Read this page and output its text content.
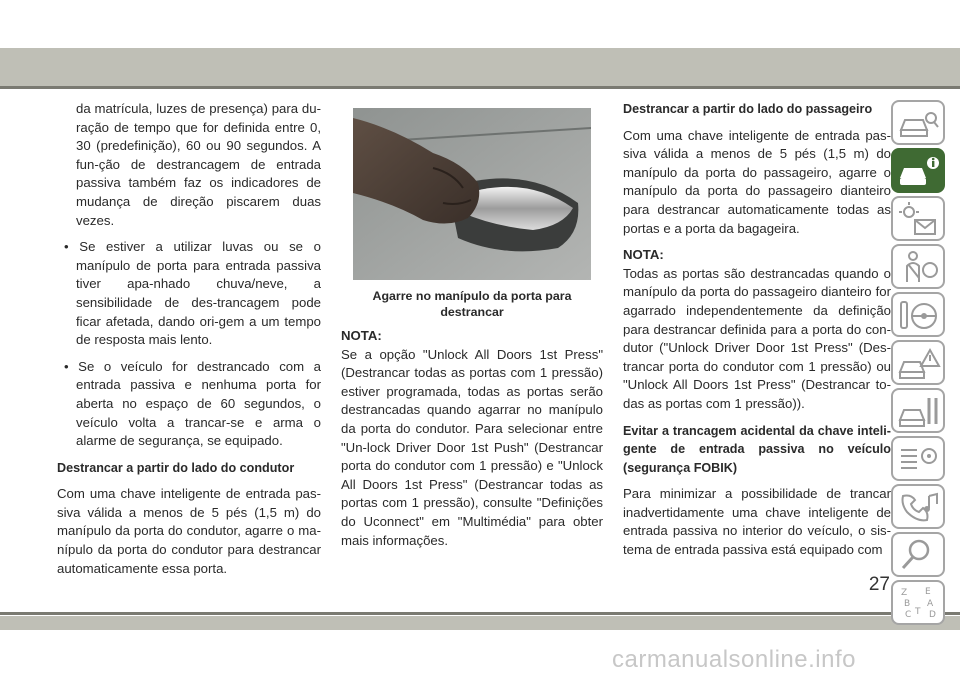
da matrícula, luzes de presença) para du-ração de tempo que for definida entre 0, 30 (predefinição), 60 ou 90 segundos. A fun-ção de destrancagem de entrada passiva também faz os indicadores de mudança de direção piscarem duas vezes.

• Se estiver a utilizar luvas ou se o manípulo de porta para entrada passiva tiver apa-nhado chuva/neve, a sensibilidade de des-trancagem pode ficar afetada, dando ori-gem a um tempo de resposta mais lento.

• Se o veículo for destrancado com a entrada passiva e nenhuma porta for aberta no espaço de 60 segundos, o veículo volta a trancar-se e arma o alarme de segurança, se equipado.

Destrancar a partir do lado do condutor

Com uma chave inteligente de entrada pas-siva válida a menos de 5 pés (1,5 m) do manípulo da porta do condutor, agarre o ma-nípulo da porta do condutor para destrancar automaticamente essa porta.

Agarre no manípulo da porta para destrancar

NOTA:

Se a opção "Unlock All Doors 1st Press" (Destrancar todas as portas com 1 pressão) estiver programada, todas as portas serão destrancadas quando agarrar no manípulo da porta do condutor. Para selecionar entre "Un-lock Driver Door 1st Push" (Destrancar porta do condutor com 1 pressão) e "Unlock All Doors 1st Press" (Destrancar todas as portas com 1 pressão), consulte "Definições do Uconnect" em "Multimédia" para obter mais informações.

Destrancar a partir do lado do passageiro

Com uma chave inteligente de entrada pas-siva válida a menos de 5 pés (1,5 m) do manípulo da porta do passageiro, agarre o manípulo da porta do passageiro dianteiro para destrancar automaticamente todas as portas e a porta da bagageira.

NOTA:

Todas as portas são destrancadas quando o manípulo da porta do passageiro dianteiro for agarrado independentemente da definição para destrancar definida para a porta do con-dutor ("Unlock Driver Door 1st Press" (Des-trancar porta do condutor com 1 pressão) ou "Unlock All Doors 1st Press" (Destrancar to-das as portas com 1 pressão)).

Evitar a trancagem acidental da chave inteli-gente de entrada passiva no veículo (segurança FOBIK)

Para minimizar a possibilidade de trancar inadvertidamente uma chave inteligente de entrada passiva no interior do veículo, o sis-tema de entrada passiva está equipado com

Z E
B A
C T D
27
carmanualsonline.info
